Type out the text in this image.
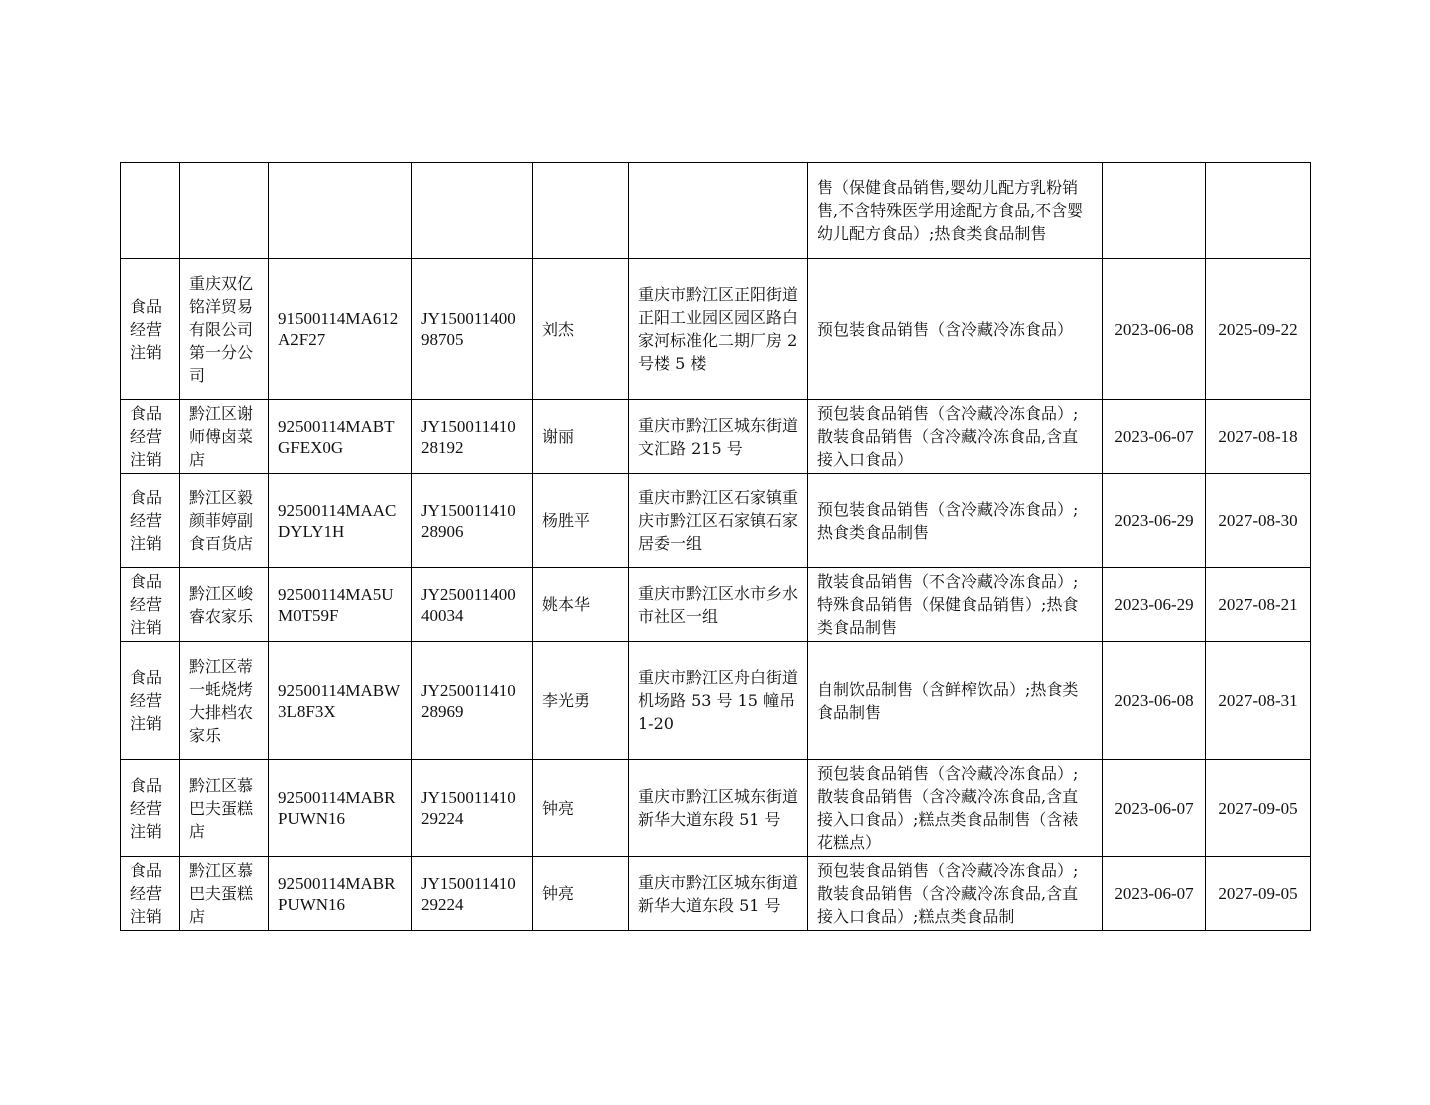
						售（保健食品销售,婴幼儿配方乳粉销售,不含特殊医学用途配方食品,不含婴幼儿配方食品）;热食类食品制售		
食品经营注销	重庆双亿铭洋贸易有限公司第一分公司	91500114MA612A2F27	JY15001140098705	刘杰	重庆市黔江区正阳街道正阳工业园区园区路白家河标准化二期厂房 2 号楼 5 楼	预包装食品销售（含冷藏冷冻食品）	2023-06-08	2025-09-22
食品经营注销	黔江区谢师傅卤菜店	92500114MABTGFEX0G	JY15001141028192	谢丽	重庆市黔江区城东街道文汇路 215 号	预包装食品销售（含冷藏冷冻食品）;散装食品销售（含冷藏冷冻食品,含直接入口食品）	2023-06-07	2027-08-18
食品经营注销	黔江区毅颜菲婷副食百货店	92500114MAACDYLY1H	JY15001141028906	杨胜平	重庆市黔江区石家镇重庆市黔江区石家镇石家居委一组	预包装食品销售（含冷藏冷冻食品）;热食类食品制售	2023-06-29	2027-08-30
食品经营注销	黔江区峻睿农家乐	92500114MA5UM0T59F	JY25001140040034	姚本华	重庆市黔江区水市乡水市社区一组	散装食品销售（不含冷藏冷冻食品）;特殊食品销售（保健食品销售）;热食类食品制售	2023-06-29	2027-08-21
食品经营注销	黔江区蒂一蚝烧烤大排档农家乐	92500114MABW3L8F3X	JY25001141028969	李光勇	重庆市黔江区舟白街道机场路 53 号 15 幢吊 1-20	自制饮品制售（含鲜榨饮品）;热食类食品制售	2023-06-08	2027-08-31
食品经营注销	黔江区慕巴夫蛋糕店	92500114MABRPUWN16	JY15001141029224	钟亮	重庆市黔江区城东街道新华大道东段 51 号	预包装食品销售（含冷藏冷冻食品）;散装食品销售（含冷藏冷冻食品,含直接入口食品）;糕点类食品制售（含裱花糕点）	2023-06-07	2027-09-05
食品经营注销	黔江区慕巴夫蛋糕店	92500114MABRPUWN16	JY15001141029224	钟亮	重庆市黔江区城东街道新华大道东段 51 号	预包装食品销售（含冷藏冷冻食品）;散装食品销售（含冷藏冷冻食品,含直接入口食品）;糕点类食品制	2023-06-07	2027-09-05
